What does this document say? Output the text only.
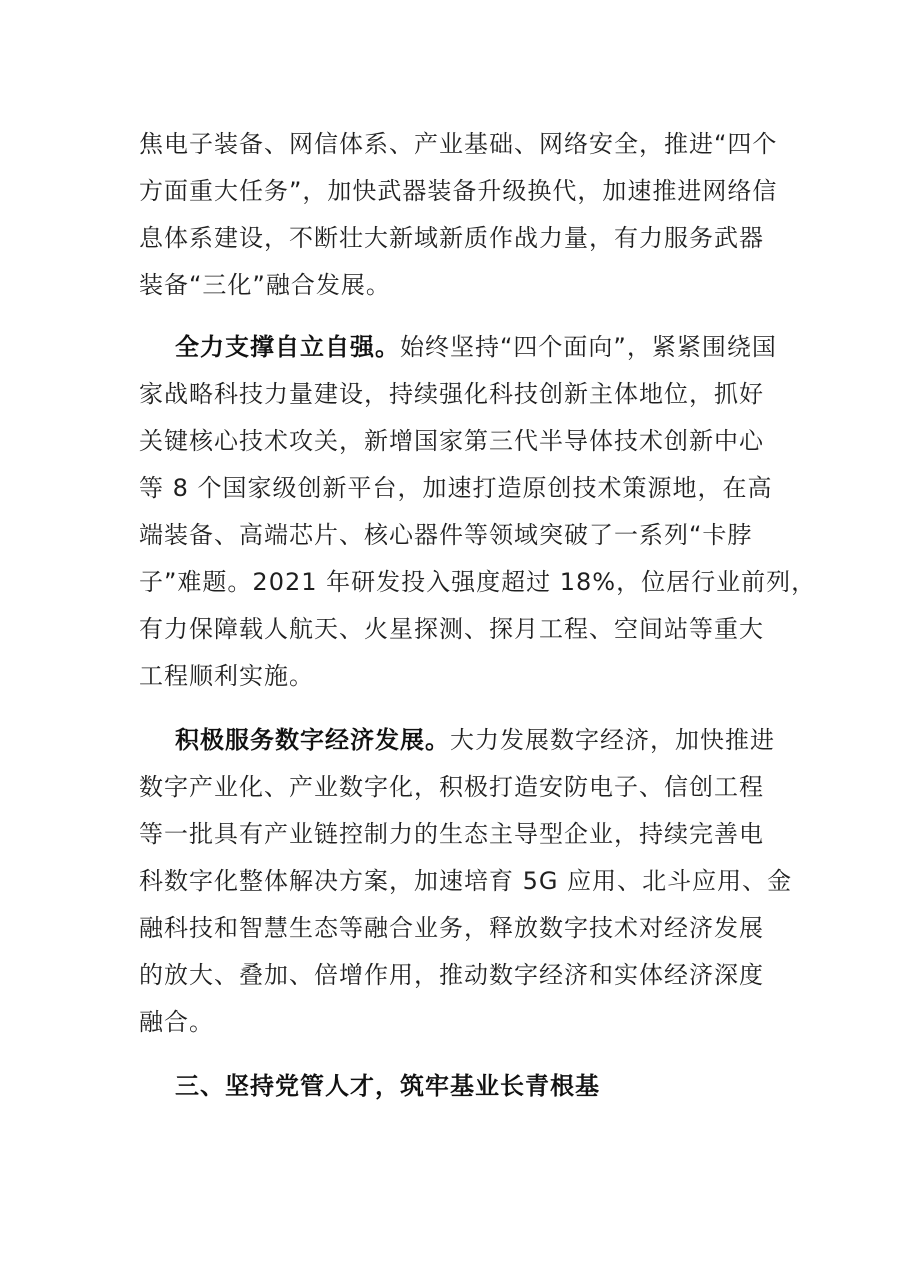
焦电子装备、网信体系、产业基础、网络安全，推进“四个
方面重大任务”，加快武器装备升级换代，加速推进网络信
息体系建设，不断壮大新域新质作战力量，有力服务武器
装备“三化”融合发展。
全力支撑自立自强。始终坚持“四个面向”，紧紧围绕国
家战略科技力量建设，持续强化科技创新主体地位，抓好
关键核心技术攻关，新增国家第三代半导体技术创新中心
等 8 个国家级创新平台，加速打造原创技术策源地，在高
端装备、高端芯片、核心器件等领域突破了一系列“卡脖
子”难题。2021 年研发投入强度超过 18%，位居行业前列，
有力保障载人航天、火星探测、探月工程、空间站等重大
工程顺利实施。
积极服务数字经济发展。大力发展数字经济，加快推进
数字产业化、产业数字化，积极打造安防电子、信创工程
等一批具有产业链控制力的生态主导型企业，持续完善电
科数字化整体解决方案，加速培育 5G 应用、北斗应用、金
融科技和智慧生态等融合业务，释放数字技术对经济发展
的放大、叠加、倍增作用，推动数字经济和实体经济深度
融合。
三、坚持党管人才，筑牢基业长青根基
